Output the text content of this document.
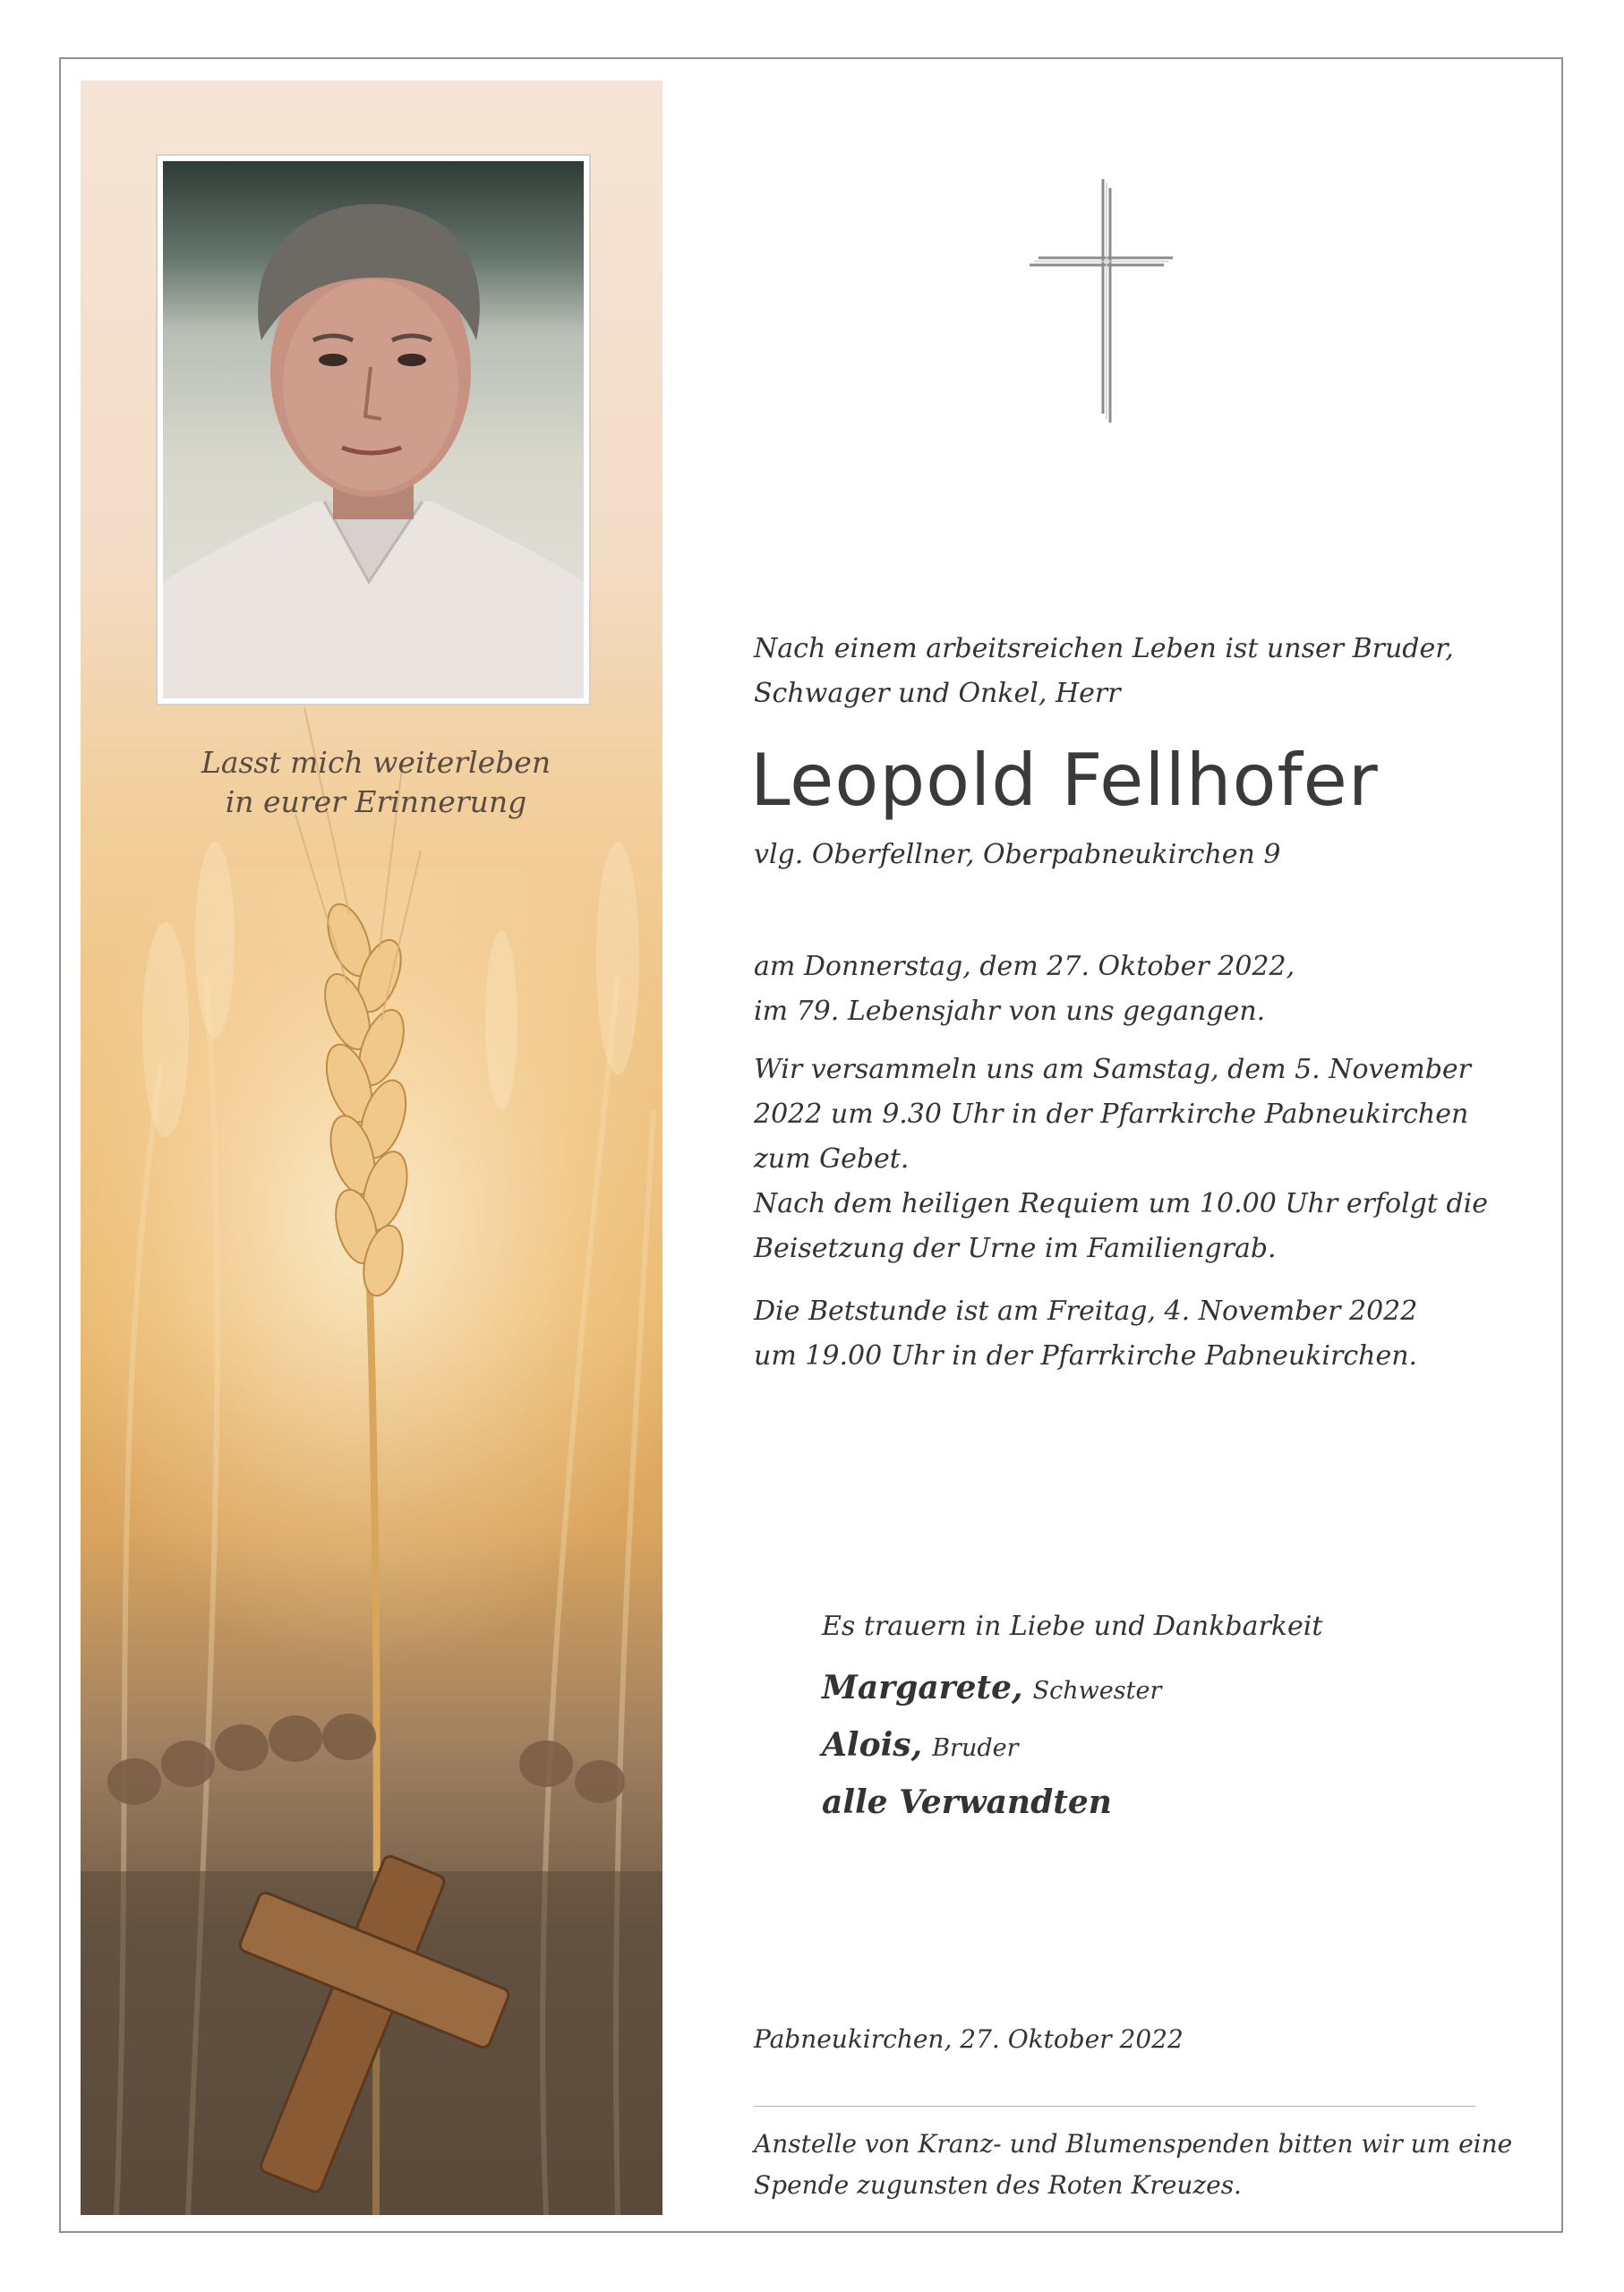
Lasst mich weiterleben
in eurer Erinnerung
Nach einem arbeitsreichen Leben ist unser Bruder,
Schwager und Onkel, Herr
Leopold Fellhofer
vlg. Oberfellner, Oberpabneukirchen 9
am Donnerstag, dem 27. Oktober 2022,
im 79. Lebensjahr von uns gegangen.
Wir versammeln uns am Samstag, dem 5. November
2022 um 9.30 Uhr in der Pfarrkirche Pabneukirchen
zum Gebet.
Nach dem heiligen Requiem um 10.00 Uhr erfolgt die
Beisetzung der Urne im Familiengrab.
Die Betstunde ist am Freitag, 4. November 2022
um 19.00 Uhr in der Pfarrkirche Pabneukirchen.
Es trauern in Liebe und Dankbarkeit
Margarete, Schwester
Alois, Bruder
alle Verwandten
Pabneukirchen, 27. Oktober 2022
Anstelle von Kranz- und Blumenspenden bitten wir um eine
Spende zugunsten des Roten Kreuzes.
